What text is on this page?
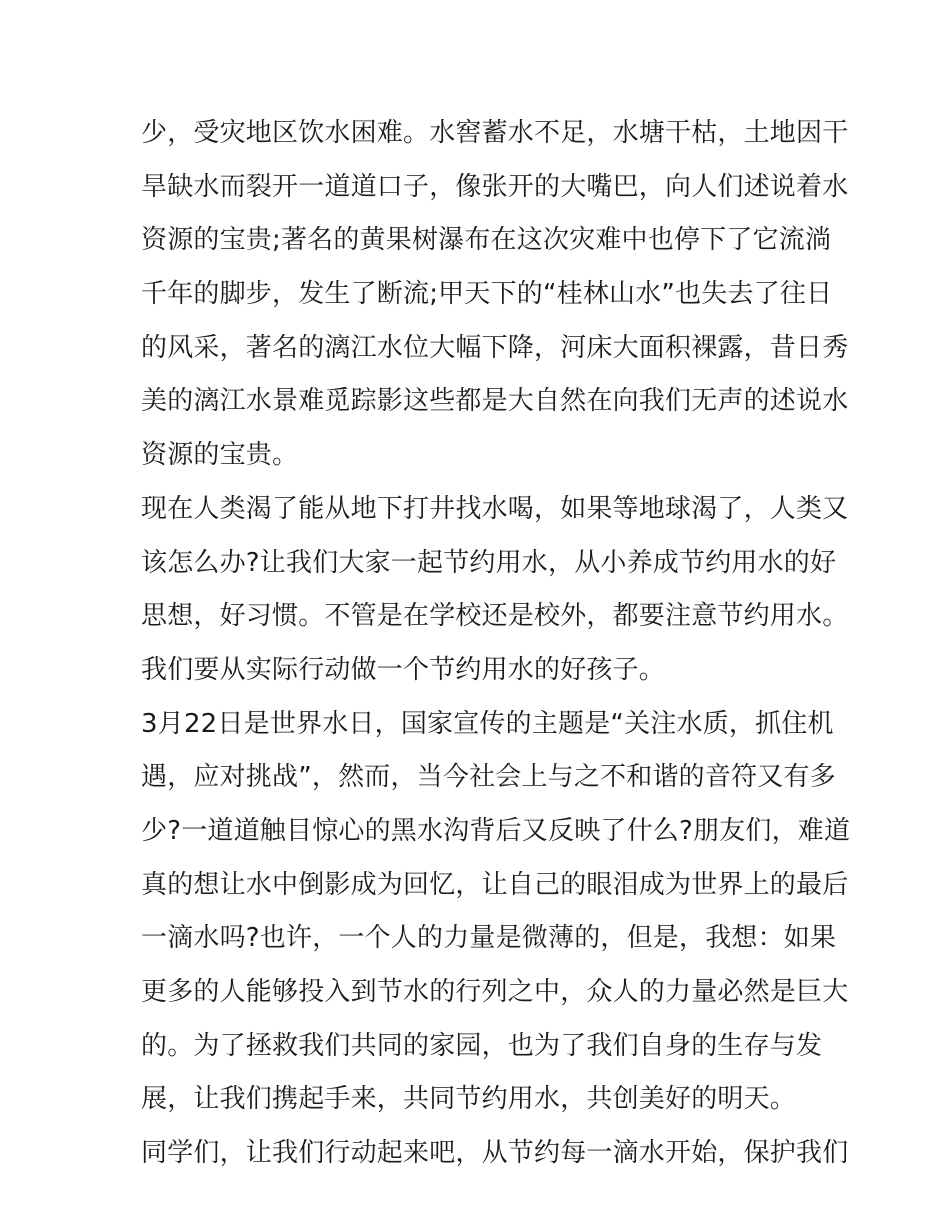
少，受灾地区饮水困难。水窖蓄水不足，水塘干枯，土地因干
旱缺水而裂开一道道口子，像张开的大嘴巴，向人们述说着水
资源的宝贵;著名的黄果树瀑布在这次灾难中也停下了它流淌
千年的脚步，发生了断流;甲天下的“桂林山水”也失去了往日
的风采，著名的漓江水位大幅下降，河床大面积裸露，昔日秀
美的漓江水景难觅踪影这些都是大自然在向我们无声的述说水
资源的宝贵。
现在人类渴了能从地下打井找水喝，如果等地球渴了，人类又
该怎么办?让我们大家一起节约用水，从小养成节约用水的好
思想，好习惯。不管是在学校还是校外，都要注意节约用水。
我们要从实际行动做一个节约用水的好孩子。
3月22日是世界水日，国家宣传的主题是“关注水质，抓住机
遇，应对挑战”，然而，当今社会上与之不和谐的音符又有多
少?一道道触目惊心的黑水沟背后又反映了什么?朋友们，难道
真的想让水中倒影成为回忆，让自己的眼泪成为世界上的最后
一滴水吗?也许，一个人的力量是微薄的，但是，我想：如果
更多的人能够投入到节水的行列之中，众人的力量必然是巨大
的。为了拯救我们共同的家园，也为了我们自身的生存与发
展，让我们携起手来，共同节约用水，共创美好的明天。
同学们，让我们行动起来吧，从节约每一滴水开始，保护我们
